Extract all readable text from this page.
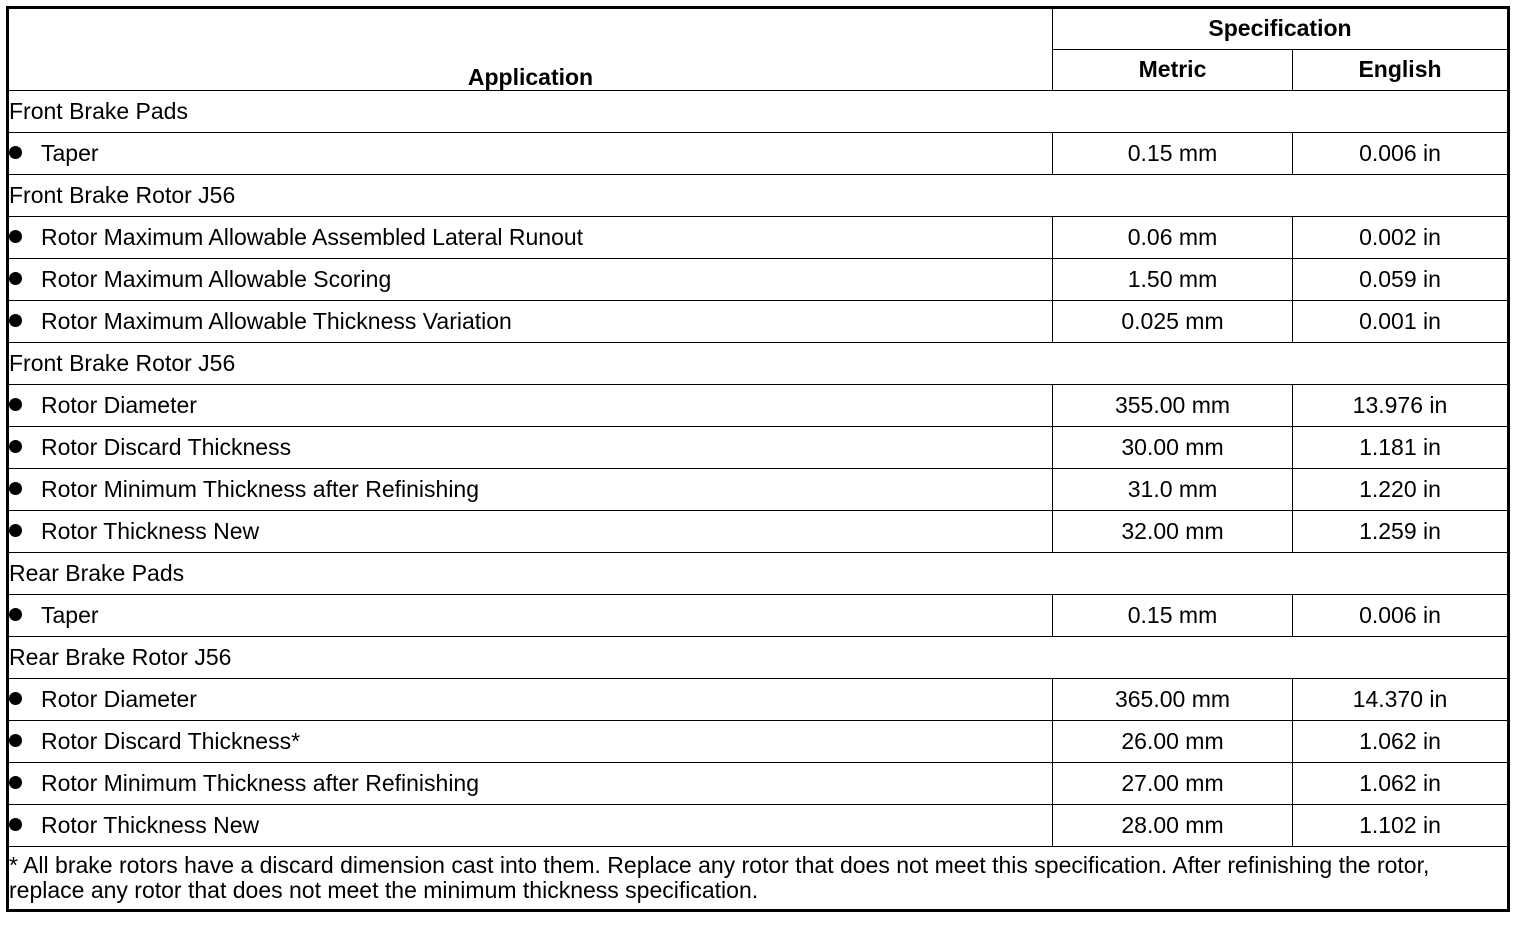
Application	Specification	
	Metric	English
Front Brake Pads		
Taper	0.15 mm	0.006 in
Front Brake Rotor J56		
Rotor Maximum Allowable Assembled Lateral Runout	0.06 mm	0.002 in
Rotor Maximum Allowable Scoring	1.50 mm	0.059 in
Rotor Maximum Allowable Thickness Variation	0.025 mm	0.001 in
Front Brake Rotor J56		
Rotor Diameter	355.00 mm	13.976 in
Rotor Discard Thickness	30.00 mm	1.181 in
Rotor Minimum Thickness after Refinishing	31.0 mm	1.220 in
Rotor Thickness New	32.00 mm	1.259 in
Rear Brake Pads		
Taper	0.15 mm	0.006 in
Rear Brake Rotor J56		
Rotor Diameter	365.00 mm	14.370 in
Rotor Discard Thickness*	26.00 mm	1.062 in
Rotor Minimum Thickness after Refinishing	27.00 mm	1.062 in
Rotor Thickness New	28.00 mm	1.102 in
* All brake rotors have a discard dimension cast into them. Replace any rotor that does not meet this specification. After refinishing the rotor, replace any rotor that does not meet the minimum thickness specification.		
